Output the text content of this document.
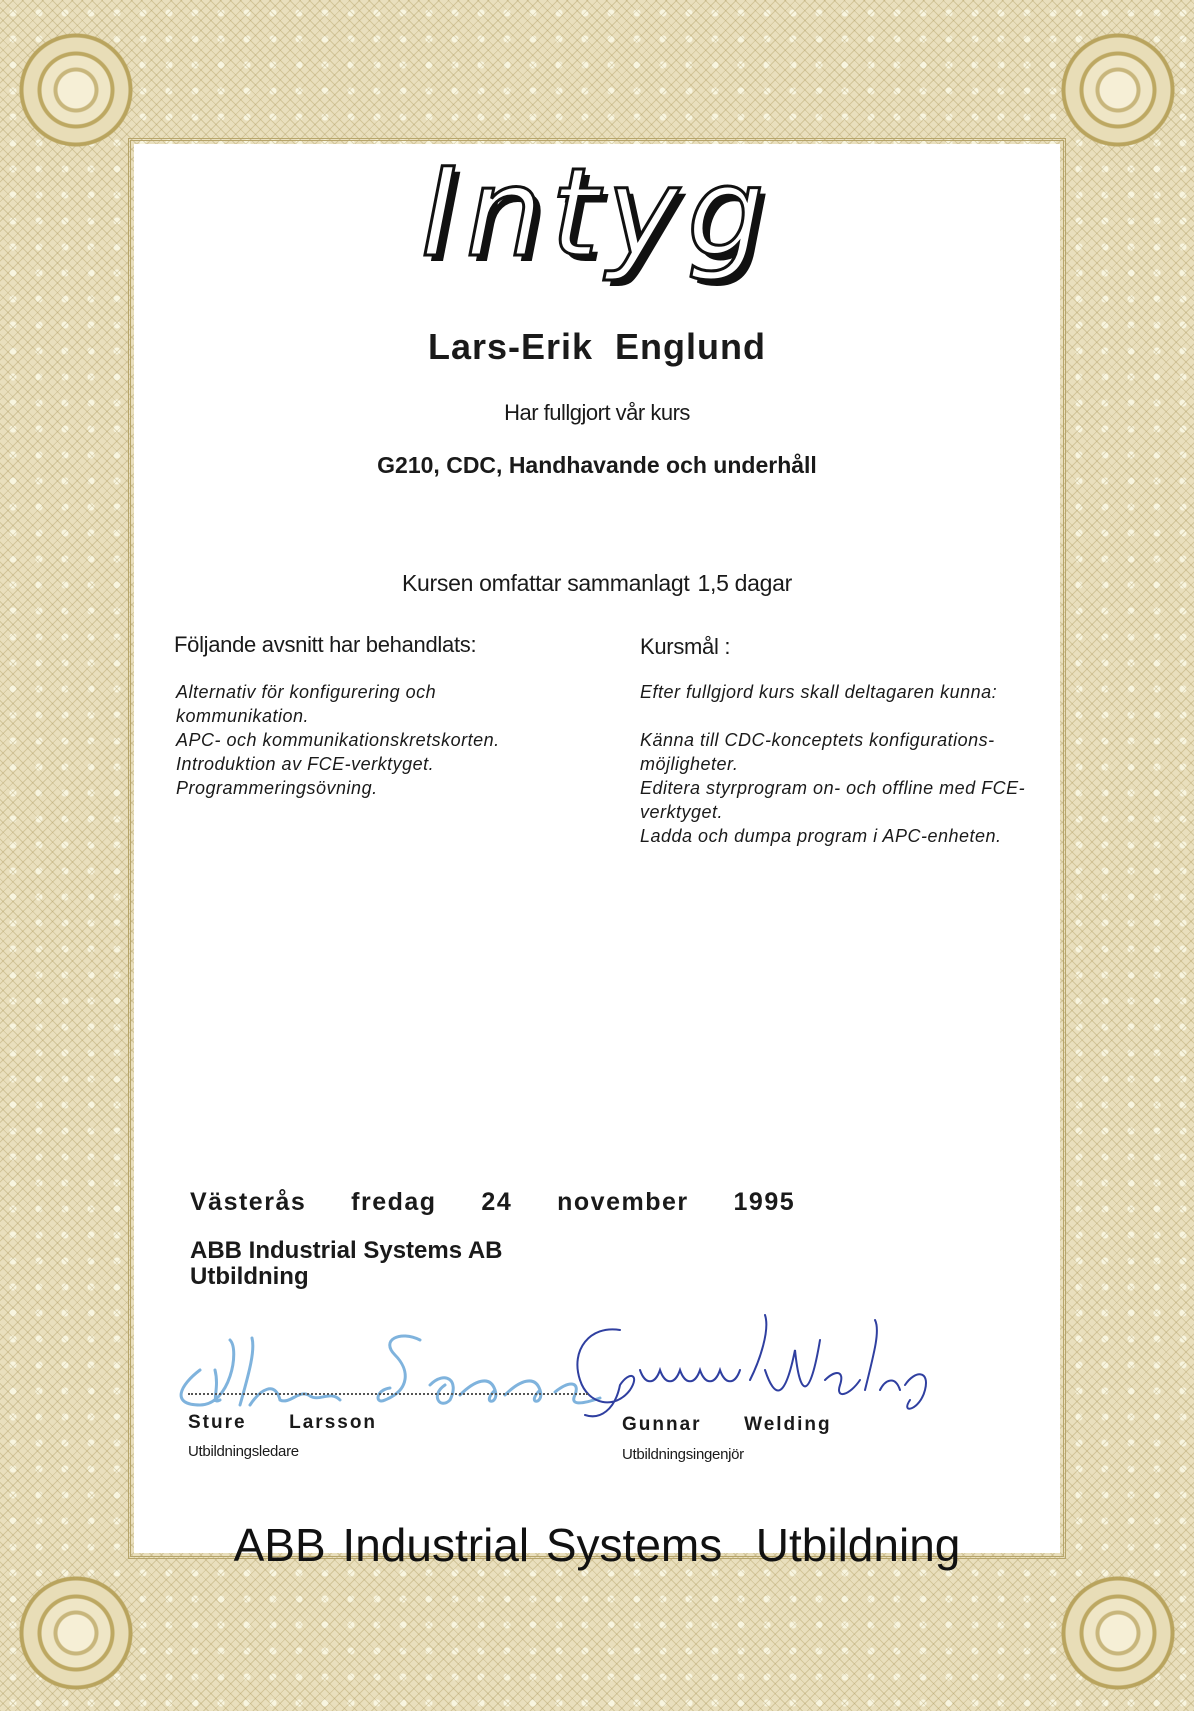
Intyg
Lars-Erik  Englund
Har fullgjort vår kurs
G210, CDC, Handhavande och underhåll
Kursen omfattar sammanlagt 1,5 dagar
Följande avsnitt har behandlats:
Alternativ för konfigurering och kommunikation.
APC- och kommunikationskretskorten.
Introduktion av FCE-verktyget.
Programmeringsövning.
Kursmål :
Efter fullgjord kurs skall deltagaren kunna:
Känna till CDC-konceptets konfigurations-möjligheter.
Editera styrprogram on- och offline med FCE-verktyget.
Ladda och dumpa program i APC-enheten.
Västerås  fredag  24  november  1995
ABB Industrial Systems AB
Utbildning
Sture  Larsson
Utbildningsledare
Gunnar  Welding
Utbildningsingenjör
ABB Industrial Systems  Utbildning
